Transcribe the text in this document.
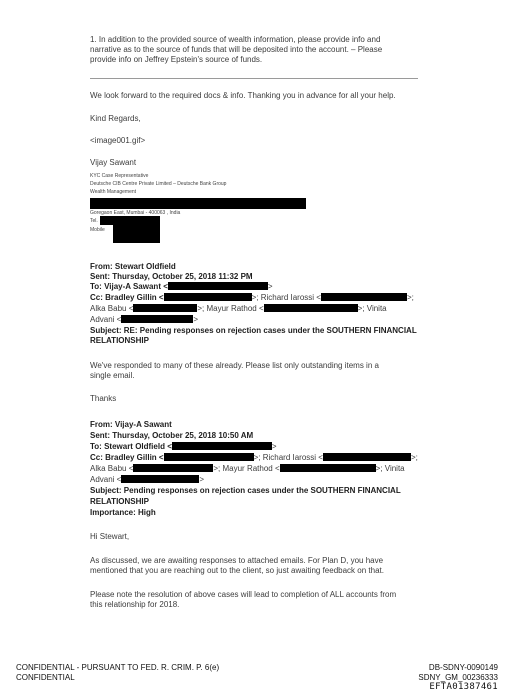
1. In addition to the provided source of wealth information, please provide info and
narrative as to the source of funds that will be deposited into the account. – Please
provide info on Jeffrey Epstein's source of funds.
We look forward to the required docs & info. Thanking you in advance for all your help.
Kind Regards,
<image001.gif>
Vijay Sawant
KYC Case Representative
Deutsche CIB Centre Private Limited – Deutsche Bank Group
Wealth Management
Goregaon East, Mumbai - 400063 , India
Tel.
Mobile
From: Stewart Oldfield
Sent: Thursday, October 25, 2018 11:32 PM
To: Vijay-A Sawant <	>
Cc: Bradley Gillin <	>; Richard Iarossi <	>;
Alka Babu <	>; Mayur Rathod <	>; Vinita
Advani <	>
Subject: RE: Pending responses on rejection cases under the SOUTHERN FINANCIAL
RELATIONSHIP
We've responded to many of these already. Please list only outstanding items in a
single email.
Thanks
From: Vijay-A Sawant
Sent: Thursday, October 25, 2018 10:50 AM
To: Stewart Oldfield <	>
Cc: Bradley Gillin <	>; Richard Iarossi <	>;
Alka Babu <	>; Mayur Rathod <	>; Vinita
Advani <	>
Subject: Pending responses on rejection cases under the SOUTHERN FINANCIAL
RELATIONSHIP
Importance: High
Hi Stewart,
As discussed, we are awaiting responses to attached emails. For Plan D, you have
mentioned that you are reaching out to the client, so just awaiting feedback on that.
Please note the resolution of above cases will lead to completion of ALL accounts from
this relationship for 2018.
CONFIDENTIAL - PURSUANT TO FED. R. CRIM. P. 6(e)
CONFIDENTIAL
DB-SDNY-0090149
SDNY_GM_00236333
EFTA01387461
